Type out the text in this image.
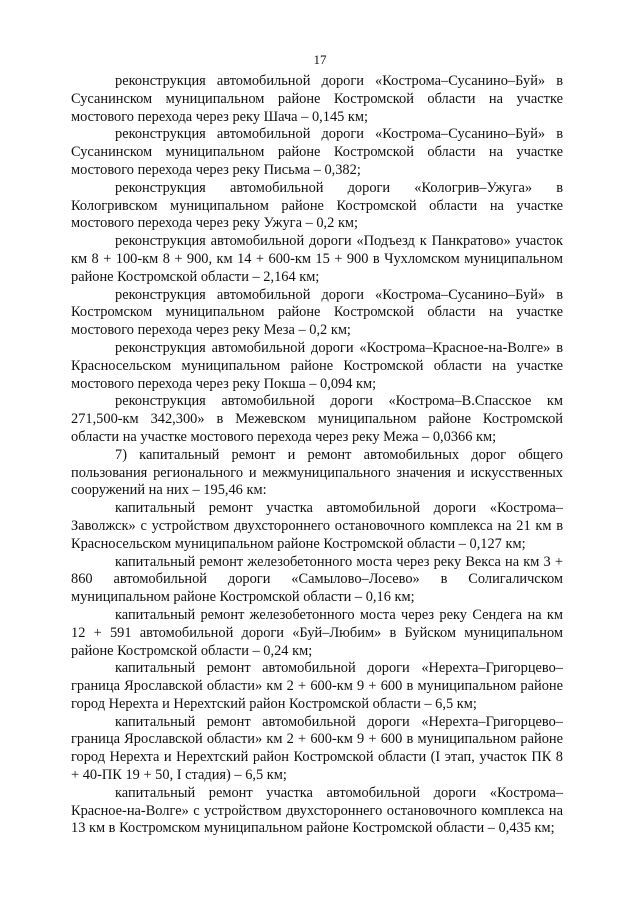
17

реконструкция автомобильной дороги «Кострома–Сусанино–Буй» в Сусанинском муниципальном районе Костромской области на участке мостового перехода через реку Шача – 0,145 км;

реконструкция автомобильной дороги «Кострома–Сусанино–Буй» в Сусанинском муниципальном районе Костромской области на участке мостового перехода через реку Письма – 0,382;

реконструкция автомобильной дороги «Кологрив–Ужуга» в Кологривском муниципальном районе Костромской области на участке мостового перехода через реку Ужуга – 0,2 км;

реконструкция автомобильной дороги «Подъезд к Панкратово» участок км 8 + 100-км 8 + 900, км 14 + 600-км 15 + 900 в Чухломском муниципальном районе Костромской области – 2,164 км;

реконструкция автомобильной дороги «Кострома–Сусанино–Буй» в Костромском муниципальном районе Костромской области на участке мостового перехода через реку Меза – 0,2 км;

реконструкция автомобильной дороги «Кострома–Красное-на-Волге» в Красносельском муниципальном районе Костромской области на участке мостового перехода через реку Покша – 0,094 км;

реконструкция автомобильной дороги «Кострома–В.Спасское км 271,500-км 342,300» в Межевском муниципальном районе Костромской области на участке мостового перехода через реку Межа – 0,0366 км;

7) капитальный ремонт и ремонт автомобильных дорог общего пользования регионального и межмуниципального значения и искусственных сооружений на них – 195,46 км:

капитальный ремонт участка автомобильной дороги «Кострома–Заволжск» с устройством двухстороннего остановочного комплекса на 21 км в Красносельском муниципальном районе Костромской области – 0,127 км;

капитальный ремонт железобетонного моста через реку Векса на км 3 + 860 автомобильной дороги «Самылово–Лосево» в Солигаличском муниципальном районе Костромской области – 0,16 км;

капитальный ремонт железобетонного моста через реку Сендега на км 12 + 591 автомобильной дороги «Буй–Любим» в Буйском муниципальном районе Костромской области – 0,24 км;

капитальный ремонт автомобильной дороги «Нерехта–Григорцево–граница Ярославской области» км 2 + 600-км 9 + 600 в муниципальном районе город Нерехта и Нерехтский район Костромской области – 6,5 км;

капитальный ремонт автомобильной дороги «Нерехта–Григорцево–граница Ярославской области» км 2 + 600-км 9 + 600 в муниципальном районе город Нерехта и Нерехтский район Костромской области (I этап, участок ПК 8 + 40-ПК 19 + 50, I стадия) – 6,5 км;

капитальный ремонт участка автомобильной дороги «Кострома–Красное-на-Волге» с устройством двухстороннего остановочного комплекса на 13 км в Костромском муниципальном районе Костромской области – 0,435 км;
